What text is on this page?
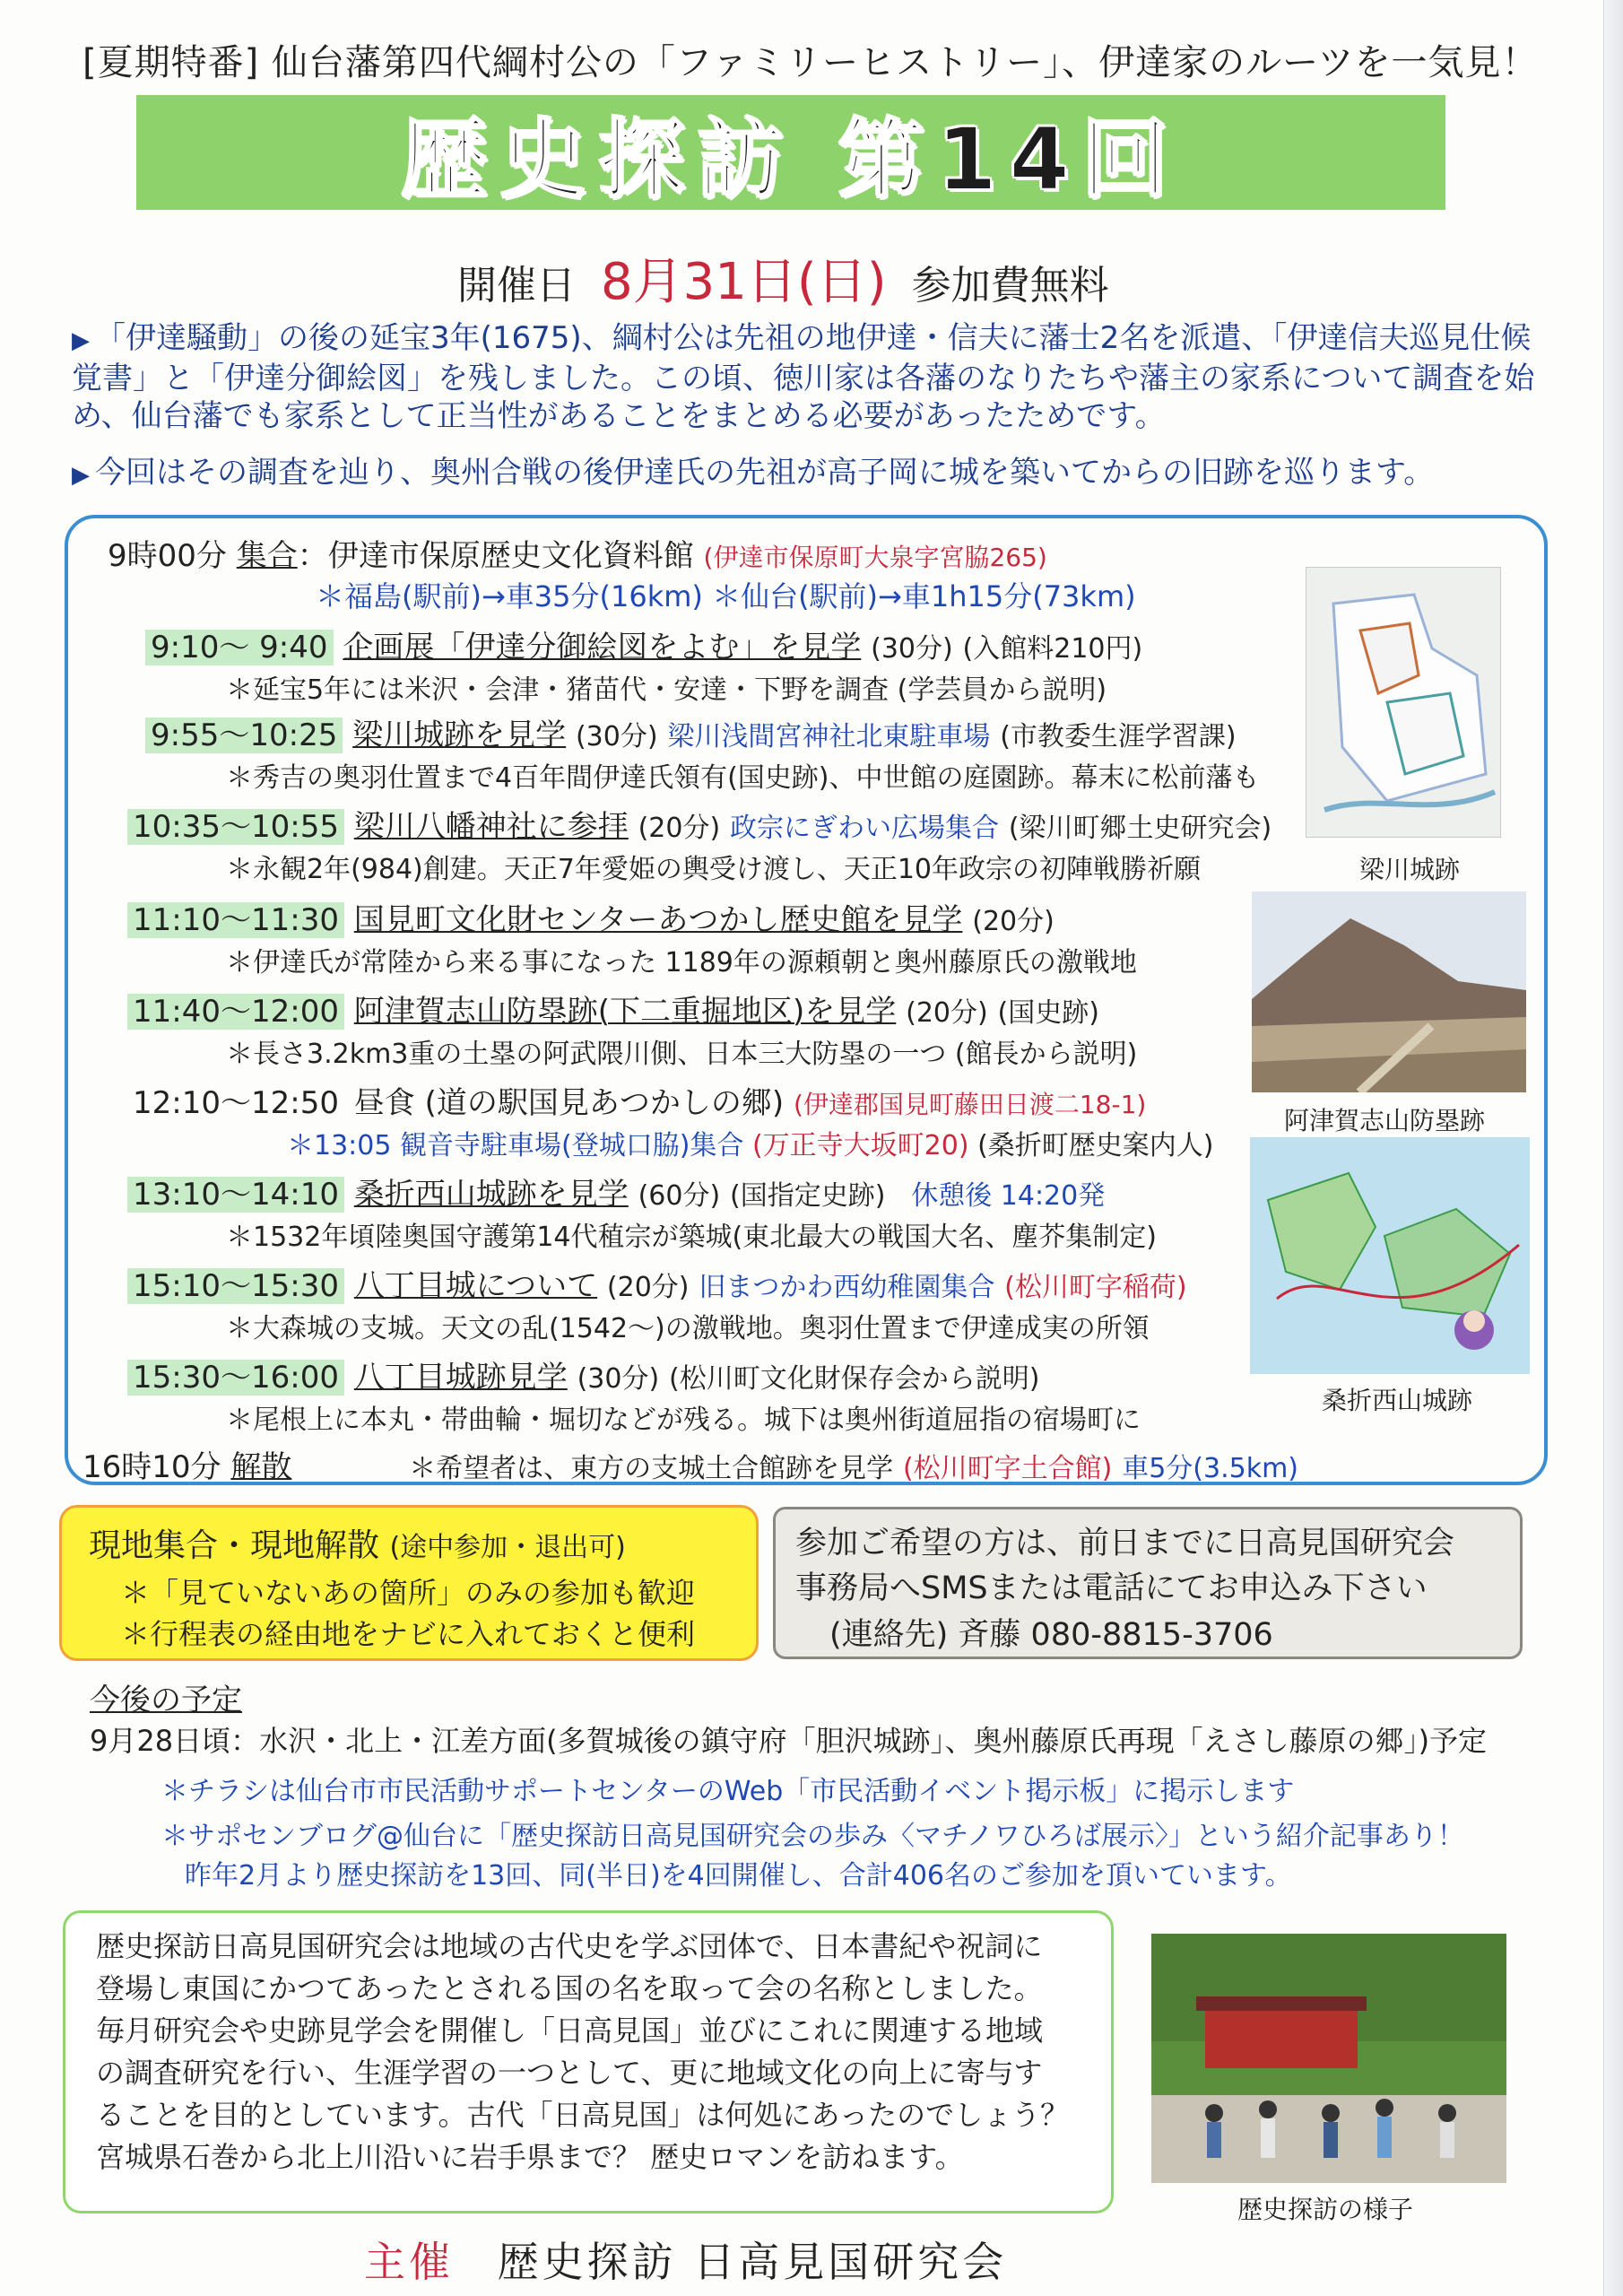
[夏期特番] 仙台藩第四代綱村公の「ファミリーヒストリー」、伊達家のルーツを一気見！
歴史探訪 第14回
開催日 8月31日(日) 参加費無料
▶ 「伊達騒動」の後の延宝3年(1675)、綱村公は先祖の地伊達・信夫に藩士2名を派遣、「伊達信夫巡見仕候覚書」と「伊達分御絵図」を残しました。この頃、徳川家は各藩のなりたちや藩主の家系について調査を始め、仙台藩でも家系として正当性があることをまとめる必要があったためです。
▶ 今回はその調査を辿り、奥州合戦の後伊達氏の先祖が高子岡に城を築いてからの旧跡を巡ります。
9時00分 集合：伊達市保原歴史文化資料館 (伊達市保原町大泉字宮脇265)
＊福島(駅前)→車35分(16km) ＊仙台(駅前)→車1h15分(73km)
9:10～ 9:40 企画展「伊達分御絵図をよむ」を見学 (30分) (入館料210円)
＊延宝5年には米沢・会津・猪苗代・安達・下野を調査 (学芸員から説明)
9:55～10:25 梁川城跡を見学 (30分) 梁川浅間宮神社北東駐車場 (市教委生涯学習課)
＊秀吉の奥羽仕置まで4百年間伊達氏領有(国史跡)、中世館の庭園跡。幕末に松前藩も
10:35～10:55 梁川八幡神社に参拝 (20分) 政宗にぎわい広場集合 (梁川町郷土史研究会)
＊永観2年(984)創建。天正7年愛姫の輿受け渡し、天正10年政宗の初陣戦勝祈願
11:10～11:30 国見町文化財センターあつかし歴史館を見学 (20分)
＊伊達氏が常陸から来る事になった 1189年の源頼朝と奥州藤原氏の激戦地
11:40～12:00 阿津賀志山防塁跡(下二重掘地区)を見学 (20分) (国史跡)
＊長さ3.2km3重の土塁の阿武隈川側、日本三大防塁の一つ (館長から説明)
12:10～12:50 昼食 (道の駅国見あつかしの郷) (伊達郡国見町藤田日渡二18-1)
＊13:05 観音寺駐車場(登城口脇)集合 (万正寺大坂町20) (桑折町歴史案内人)
13:10～14:10 桑折西山城跡を見学 (60分) (国指定史跡) 休憩後 14:20発
＊1532年頃陸奥国守護第14代稙宗が築城(東北最大の戦国大名、塵芥集制定)
15:10～15:30 八丁目城について (20分) 旧まつかわ西幼稚園集合 (松川町字稲荷)
＊大森城の支城。天文の乱(1542～)の激戦地。奥羽仕置まで伊達成実の所領
15:30～16:00 八丁目城跡見学 (30分) (松川町文化財保存会から説明)
＊尾根上に本丸・帯曲輪・堀切などが残る。城下は奥州街道屈指の宿場町に
16時10分 解散	＊希望者は、東方の支城土合館跡を見学 (松川町字土合館) 車5分(3.5km)
梁川城跡
阿津賀志山防塁跡
桑折西山城跡
現地集合・現地解散 (途中参加・退出可)
＊「見ていないあの箇所」のみの参加も歓迎
＊行程表の経由地をナビに入れておくと便利
参加ご希望の方は、前日までに日高見国研究会
事務局へSMSまたは電話にてお申込み下さい
(連絡先) 斉藤 080-8815-3706
今後の予定
9月28日頃：水沢・北上・江差方面(多賀城後の鎮守府「胆沢城跡」、奥州藤原氏再現「えさし藤原の郷」)予定
＊チラシは仙台市市民活動サポートセンターのWeb「市民活動イベント掲示板」に掲示します
＊サポセンブログ@仙台に「歴史探訪日高見国研究会の歩み〈マチノワひろば展示〉」という紹介記事あり！
昨年2月より歴史探訪を13回、同(半日)を4回開催し、合計406名のご参加を頂いています。
歴史探訪日高見国研究会は地域の古代史を学ぶ団体で、日本書紀や祝詞に
登場し東国にかつてあったとされる国の名を取って会の名称としました。
毎月研究会や史跡見学会を開催し「日高見国」並びにこれに関連する地域
の調査研究を行い、生涯学習の一つとして、更に地域文化の向上に寄与す
ることを目的としています。古代「日高見国」は何処にあったのでしょう？
宮城県石巻から北上川沿いに岩手県まで？ 歴史ロマンを訪ねます。
歴史探訪の様子
主催 歴史探訪 日高見国研究会
